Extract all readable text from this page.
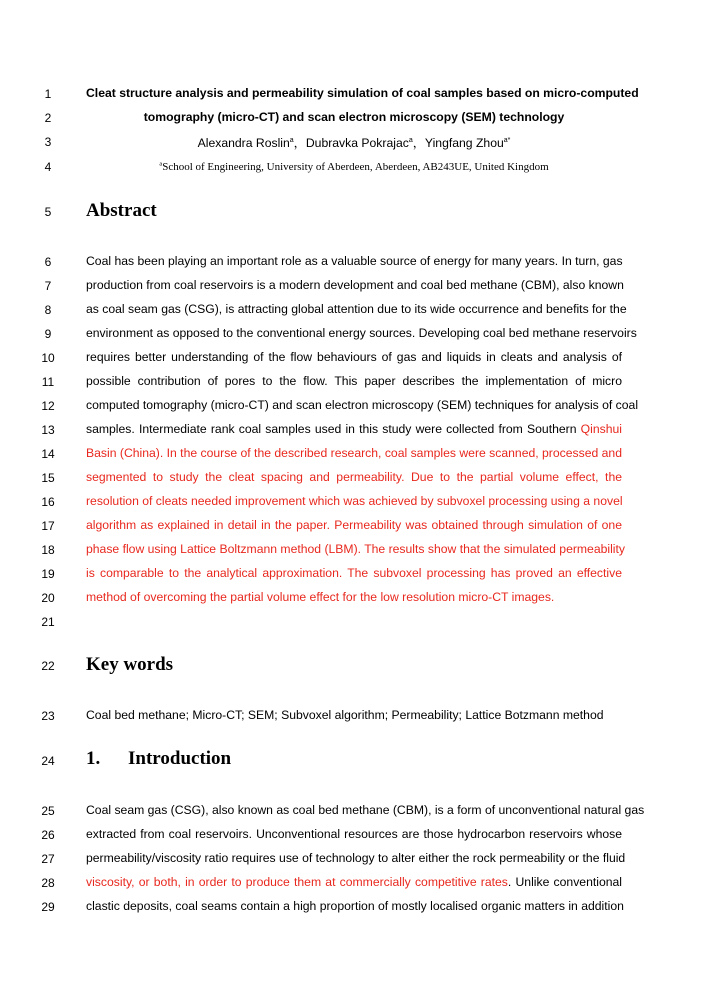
1
2
3
4
5
6
7
8
9
10
11
12
13
14
15
16
17
18
19
20
21
22
23
24
25
26
27
28
29
Cleat structure analysis and permeability simulation of coal samples based on micro-computed
tomography (micro-CT) and scan electron microscopy (SEM) technology
Alexandra Roslin$^a$，Dubravka Pokrajac$^a$，Yingfang Zhou$^{a*}$
$^a$School of Engineering, University of Aberdeen, Aberdeen, AB243UE, United Kingdom
Abstract
Coal has been playing an important role as a valuable source of energy for many years. In turn, gas
production from coal reservoirs is a modern development and coal bed methane (CBM), also known
as coal seam gas (CSG), is attracting global attention due to its wide occurrence and benefits for the
environment as opposed to the conventional energy sources. Developing coal bed methane reservoirs
requires better understanding of the flow behaviours of gas and liquids in cleats and analysis of
possible contribution of pores to the flow. This paper describes the implementation of micro
computed tomography (micro-CT) and scan electron microscopy (SEM) techniques for analysis of coal
samples. Intermediate rank coal samples used in this study were collected from Southern Qinshui
Basin (China). In the course of the described research, coal samples were scanned, processed and
segmented to study the cleat spacing and permeability. Due to the partial volume effect, the
resolution of cleats needed improvement which was achieved by subvoxel processing using a novel
algorithm as explained in detail in the paper. Permeability was obtained through simulation of one
phase flow using Lattice Boltzmann method (LBM). The results show that the simulated permeability
is comparable to the analytical approximation. The subvoxel processing has proved an effective
method of overcoming the partial volume effect for the low resolution micro-CT images.
Key words
Coal bed methane; Micro-CT; SEM; Subvoxel algorithm; Permeability; Lattice Botzmann method
1. Introduction
Coal seam gas (CSG), also known as coal bed methane (CBM), is a form of unconventional natural gas
extracted from coal reservoirs. Unconventional resources are those hydrocarbon reservoirs whose
permeability/viscosity ratio requires use of technology to alter either the rock permeability or the fluid
viscosity, or both, in order to produce them at commercially competitive rates. Unlike conventional
clastic deposits, coal seams contain a high proportion of mostly localised organic matters in addition
